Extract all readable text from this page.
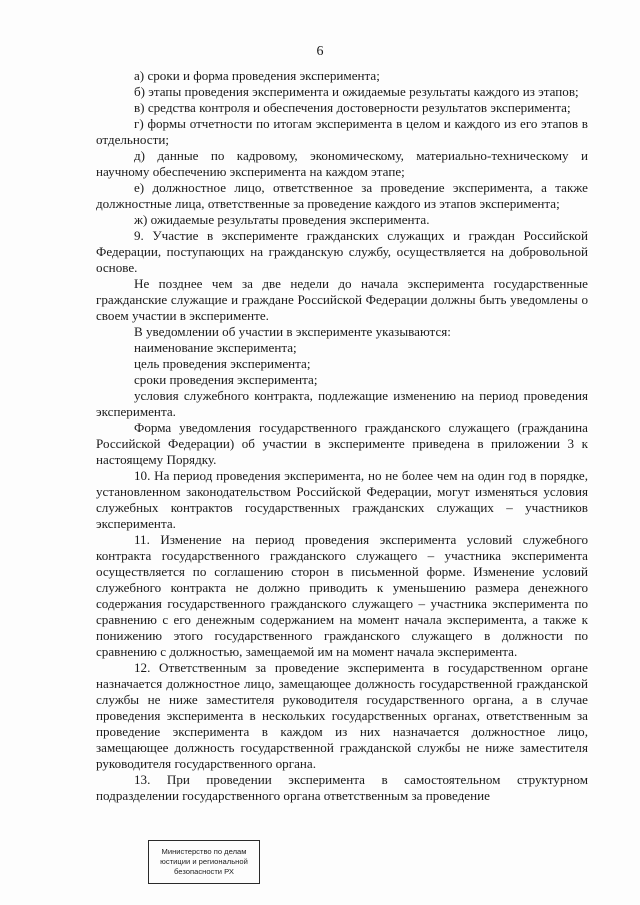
6

а) сроки и форма проведения эксперимента;

б) этапы проведения эксперимента и ожидаемые результаты каждого из этапов;

в) средства контроля и обеспечения достоверности результатов эксперимента;

г) формы отчетности по итогам эксперимента в целом и каждого из его этапов в отдельности;

д) данные по кадровому, экономическому, материально-техническому и научному обеспечению эксперимента на каждом этапе;

е) должностное лицо, ответственное за проведение эксперимента, а также должностные лица, ответственные за проведение каждого из этапов эксперимента;

ж) ожидаемые результаты проведения эксперимента.

9. Участие в эксперименте гражданских служащих и граждан Российской Федерации, поступающих на гражданскую службу, осуществляется на добровольной основе.

Не позднее чем за две недели до начала эксперимента государственные гражданские служащие и граждане Российской Федерации должны быть уведомлены о своем участии в эксперименте.

В уведомлении об участии в эксперименте указываются:

наименование эксперимента;

цель проведения эксперимента;

сроки проведения эксперимента;

условия служебного контракта, подлежащие изменению на период проведения эксперимента.

Форма уведомления государственного гражданского служащего (гражданина Российской Федерации) об участии в эксперименте приведена в приложении 3 к настоящему Порядку.

10. На период проведения эксперимента, но не более чем на один год в порядке, установленном законодательством Российской Федерации, могут изменяться условия служебных контрактов государственных гражданских служащих – участников эксперимента.

11. Изменение на период проведения эксперимента условий служебного контракта государственного гражданского служащего – участника эксперимента осуществляется по соглашению сторон в письменной форме. Изменение условий служебного контракта не должно приводить к уменьшению размера денежного содержания государственного гражданского служащего – участника эксперимента по сравнению с его денежным содержанием на момент начала эксперимента, а также к понижению этого государственного гражданского служащего в должности по сравнению с должностью, замещаемой им на момент начала эксперимента.

12. Ответственным за проведение эксперимента в государственном органе назначается должностное лицо, замещающее должность государственной гражданской службы не ниже заместителя руководителя государственного органа, а в случае проведения эксперимента в нескольких государственных органах, ответственным за проведение эксперимента в каждом из них назначается должностное лицо, замещающее должность государственной гражданской службы не ниже заместителя руководителя государственного органа.

13. При проведении эксперимента в самостоятельном структурном подразделении государственного органа ответственным за проведение

Министерство по делам
юстиции и региональной
безопасности РХ
